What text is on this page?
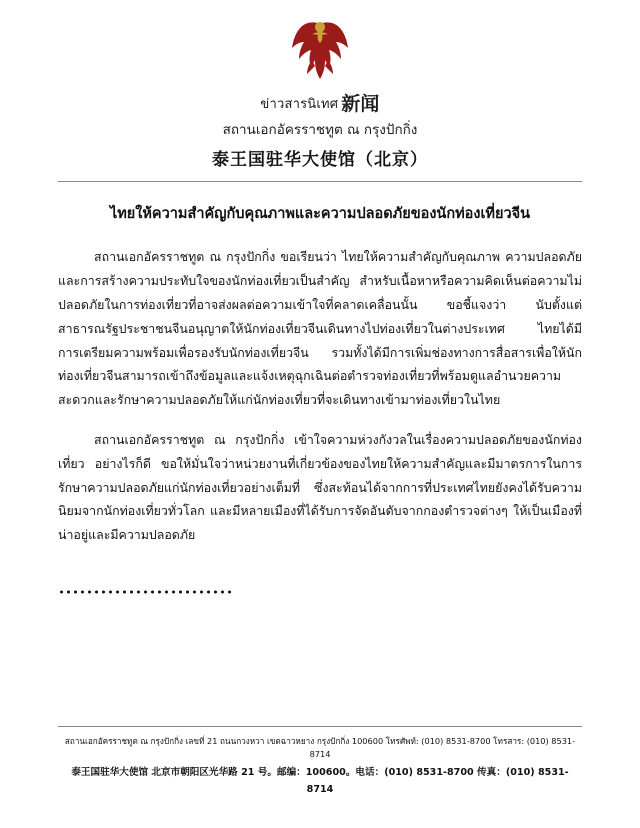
ข่าวสารนิเทศ 新闻
สถานเอกอัครราชทูต ณ กรุงปักกิ่ง
泰王国驻华大使馆（北京）
ไทยให้ความสำคัญกับคุณภาพและความปลอดภัยของนักท่องเที่ยวจีน

สถานเอกอัครราชทูต ณ กรุงปักกิ่ง ขอเรียนว่า ไทยให้ความสำคัญกับคุณภาพ ความปลอดภัย และการสร้างความประทับใจของนักท่องเที่ยวเป็นสำคัญ สำหรับเนื้อหาหรือความคิดเห็นต่อความไม่ปลอดภัยในการท่องเที่ยวที่อาจส่งผลต่อความเข้าใจที่คลาดเคลื่อนนั้น ขอชี้แจงว่า นับตั้งแต่สาธารณรัฐประชาชนจีนอนุญาตให้นักท่องเที่ยวจีนเดินทางไปท่องเที่ยวในต่างประเทศ ไทยได้มีการเตรียมความพร้อมเพื่อรองรับนักท่องเที่ยวจีน รวมทั้งได้มีการเพิ่มช่องทางการสื่อสารเพื่อให้นักท่องเที่ยวจีนสามารถเข้าถึงข้อมูลและแจ้งเหตุฉุกเฉินต่อตำรวจท่องเที่ยวที่พร้อมดูแลอำนวยความสะดวกและรักษาความปลอดภัยให้แก่นักท่องเที่ยวที่จะเดินทางเข้ามาท่องเที่ยวในไทย

สถานเอกอัครราชทูต ณ กรุงปักกิ่ง เข้าใจความห่วงกังวลในเรื่องความปลอดภัยของนักท่องเที่ยว อย่างไรก็ดี ขอให้มั่นใจว่าหน่วยงานที่เกี่ยวข้องของไทยให้ความสำคัญและมีมาตรการในการรักษาความปลอดภัยแก่นักท่องเที่ยวอย่างเต็มที่ ซึ่งสะท้อนได้จากการที่ประเทศไทยยังคงได้รับความนิยมจากนักท่องเที่ยวทั่วโลก และมีหลายเมืองที่ได้รับการจัดอันดับจากกองตำรวจต่างๆ ให้เป็นเมืองที่น่าอยู่และมีความปลอดภัย

สถานเอกอัครราชทูต ณ กรุงปักกิ่ง เลขที่ 21 ถนนกวงหวา เขตฉาวหยาง กรุงปักกิ่ง 100600 โทรศัพท์: (010) 8531-8700 โทรสาร: (010) 8531-8714
泰王国驻华大使馆 北京市朝阳区光华路 21 号。邮编：100600。电话：(010) 8531-8700 传真：(010) 8531-8714
